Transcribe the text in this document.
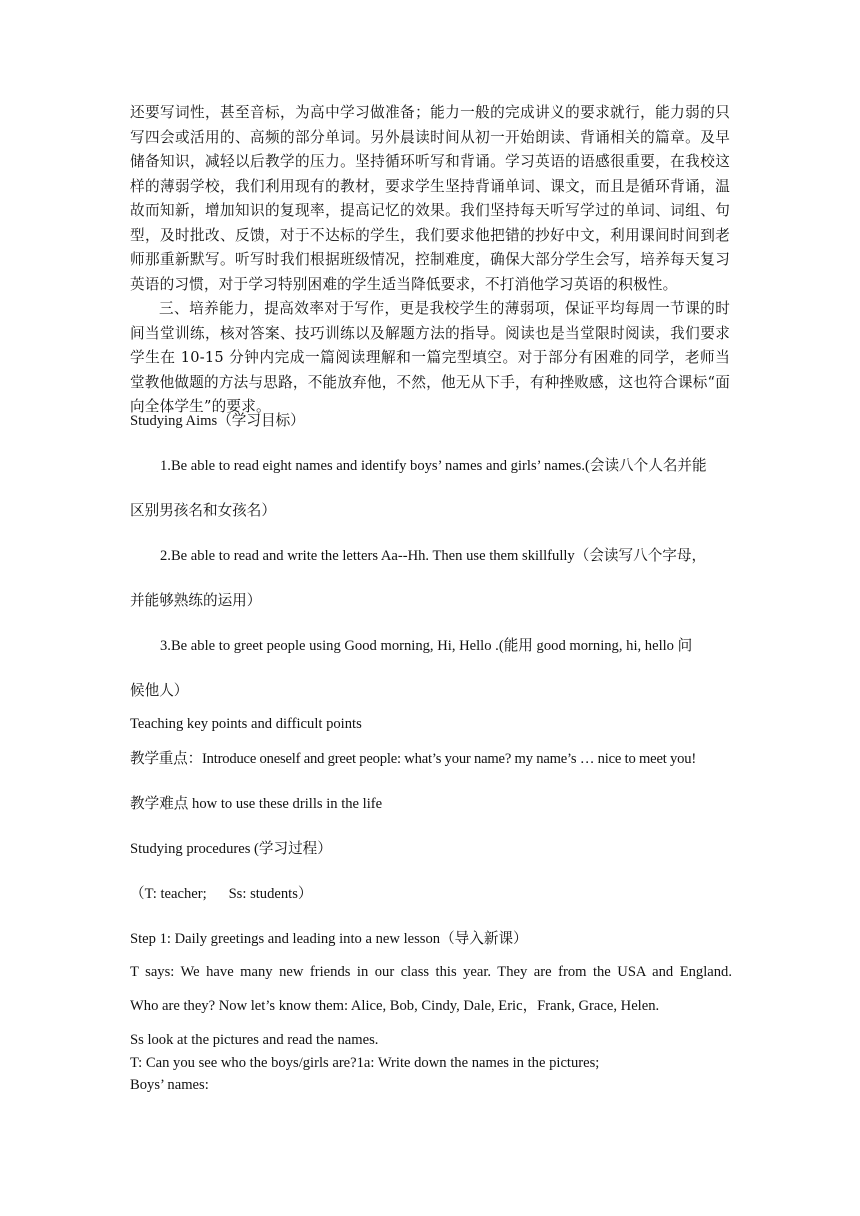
还要写词性，甚至音标，为高中学习做准备；能力一般的完成讲义的要求就行，能力弱的只写四会或活用的、高频的部分单词。另外晨读时间从初一开始朗读、背诵相关的篇章。及早储备知识，减轻以后教学的压力。坚持循环听写和背诵。学习英语的语感很重要，在我校这样的薄弱学校，我们利用现有的教材，要求学生坚持背诵单词、课文，而且是循环背诵，温故而知新，增加知识的复现率，提高记忆的效果。我们坚持每天听写学过的单词、词组、句型，及时批改、反馈，对于不达标的学生，我们要求他把错的抄好中文，利用课间时间到老师那重新默写。听写时我们根据班级情况，控制难度，确保大部分学生会写，培养每天复习英语的习惯，对于学习特别困难的学生适当降低要求，不打消他学习英语的积极性。

三、培养能力，提高效率对于写作，更是我校学生的薄弱项，保证平均每周一节课的时间当堂训练，核对答案、技巧训练以及解题方法的指导。阅读也是当堂限时阅读，我们要求学生在 10-15 分钟内完成一篇阅读理解和一篇完型填空。对于部分有困难的同学，老师当堂教他做题的方法与思路，不能放弃他，不然，他无从下手，有种挫败感，这也符合课标“面向全体学生”的要求。

Studying Aims（学习目标）

1.Be able to read eight names and identify boys’ names and girls’ names.(会读八个人名并能

区别男孩名和女孩名）

2.Be able to read and write the letters Aa--Hh. Then use them skillfully（会读写八个字母，

并能够熟练的运用）

3.Be able to greet people using Good morning, Hi, Hello .(能用 good morning, hi, hello 问

候他人）

Teaching key points and difficult points

教学重点：Introduce oneself and greet people: what’s your name? my name’s … nice to meet you!

教学难点 how to use these drills in the life

Studying procedures (学习过程）

（T: teacher;      Ss: students）

Step 1: Daily greetings and leading into a new lesson（导入新课）

T says: We have many new friends in our class this year. They are from the USA and England.

Who are they? Now let’s know them: Alice, Bob, Cindy, Dale, Eric，Frank, Grace, Helen.

Ss look at the pictures and read the names.

T: Can you see who the boys/girls are?1a: Write down the names in the pictures;

Boys’ names:
